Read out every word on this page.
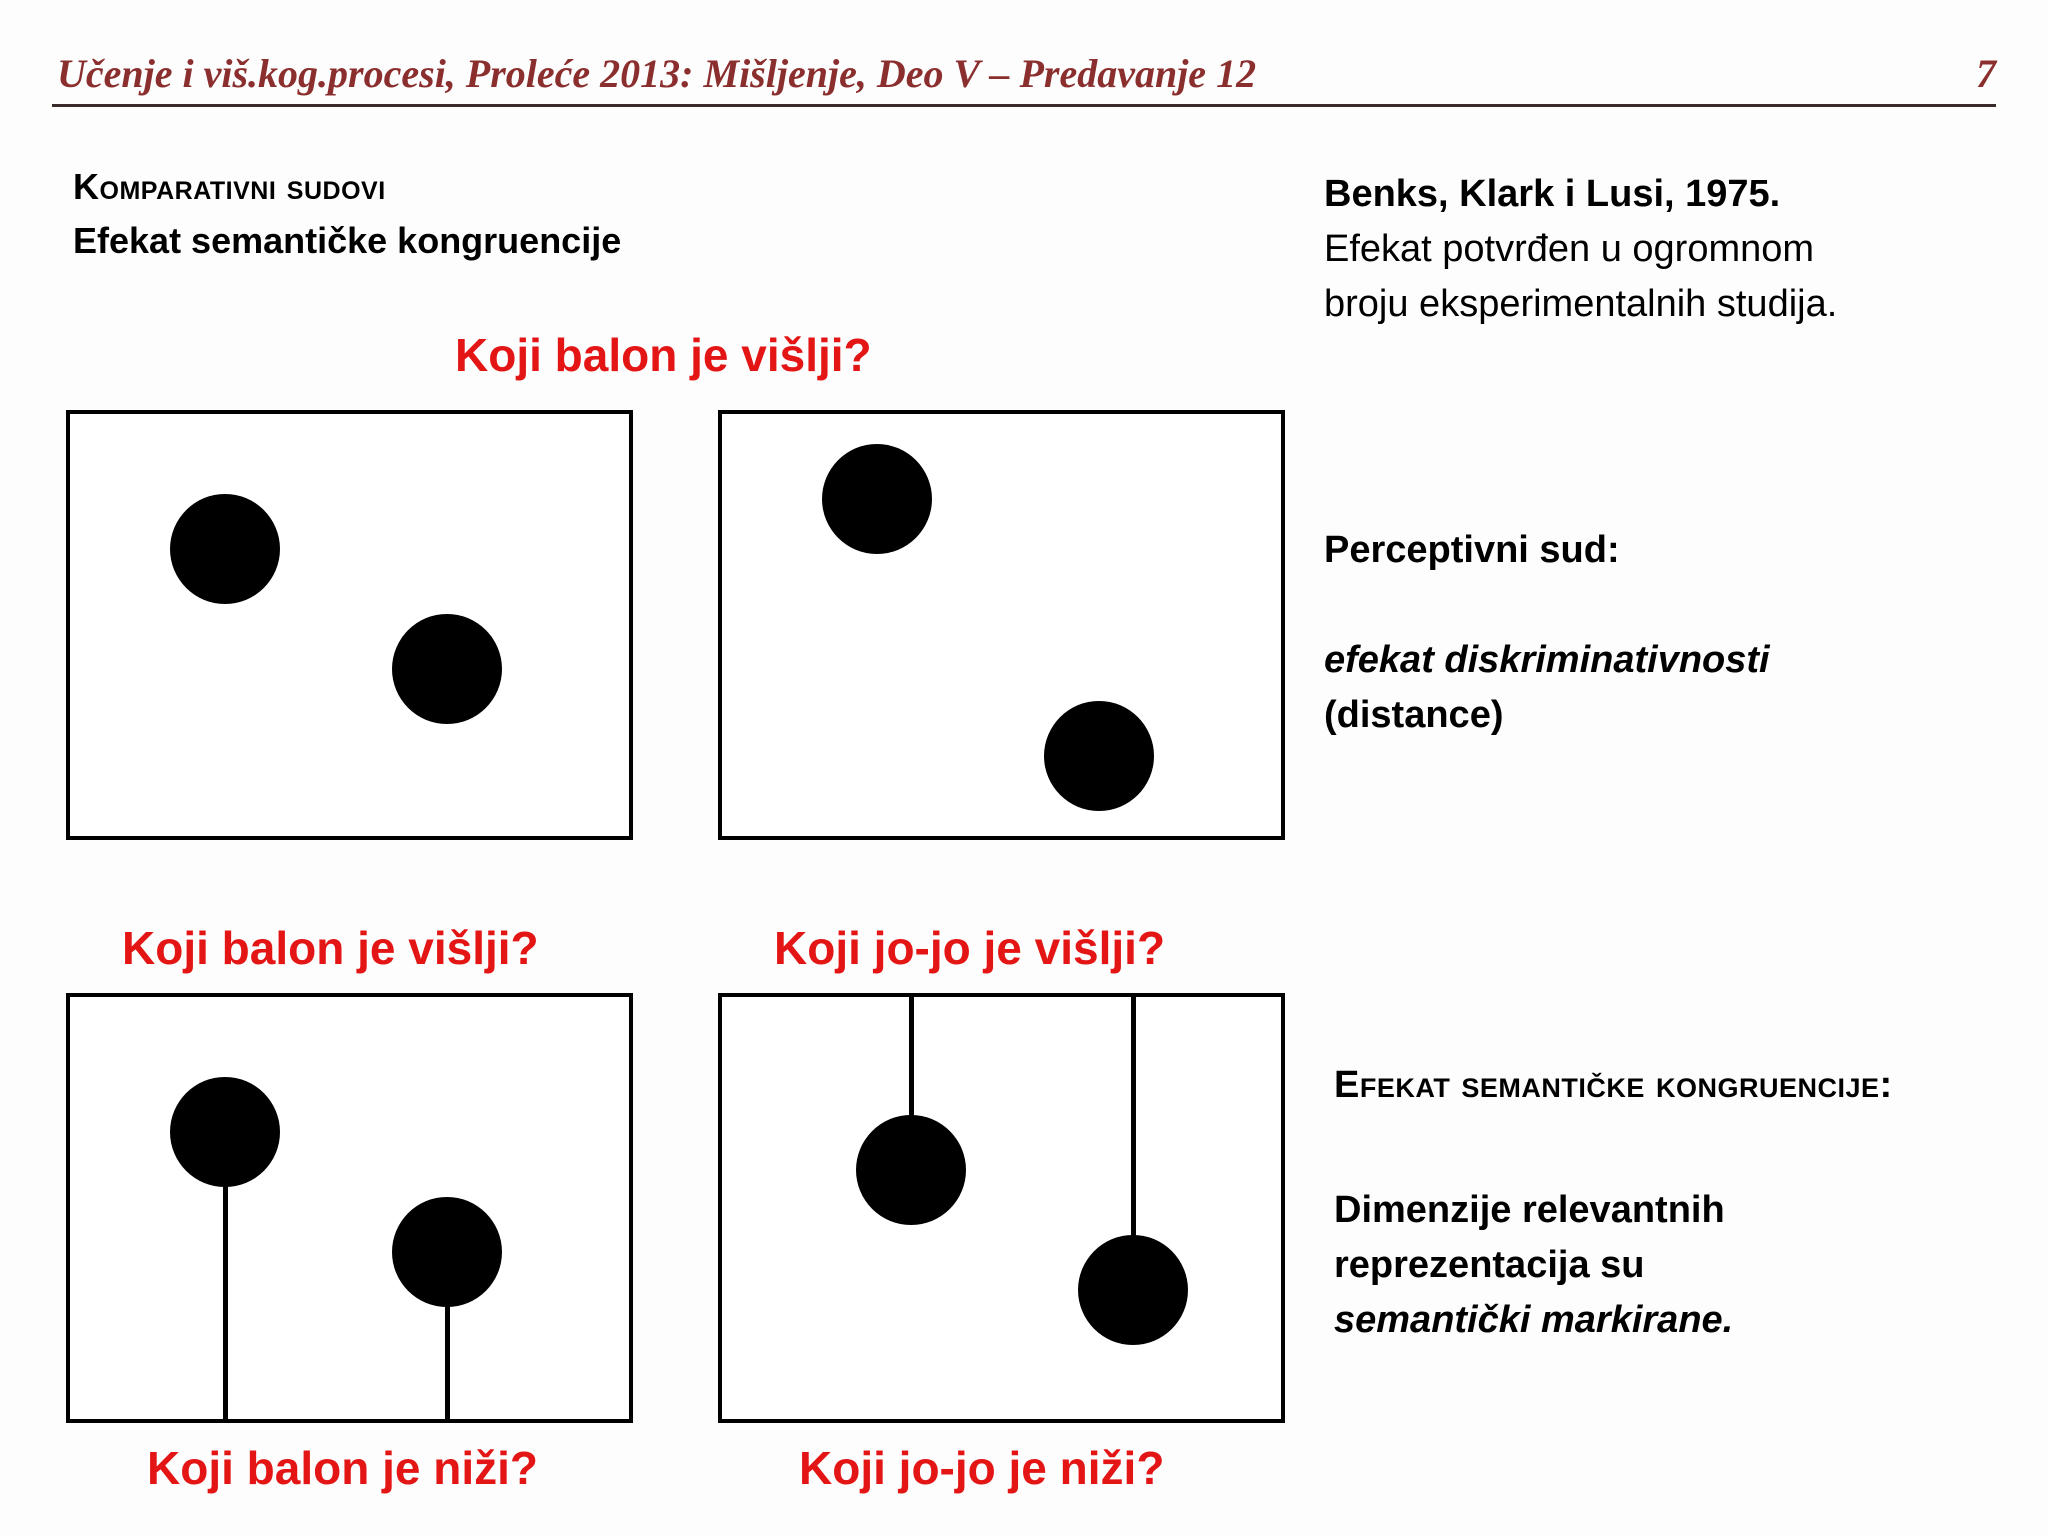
Učenje i viš.kog.procesi, Proleće 2013: Mišljenje, Deo V – Predavanje 12	7
Komparativni sudovi
Efekat semantičke kongruencije
Benks, Klark i Lusi, 1975.
Efekat potvrđen u ogromnom
broju eksperimentalnih studija.
Koji balon je višlji?
Perceptivni sud:
efekat diskriminativnosti
(distance)
Koji balon je višlji?	Koji jo-jo je višlji?
Koji balon je niži?	Koji jo-jo je niži?
Efekat semantičke kongruencije:
Dimenzije relevantnih
reprezentacija su
semantički markirane.
